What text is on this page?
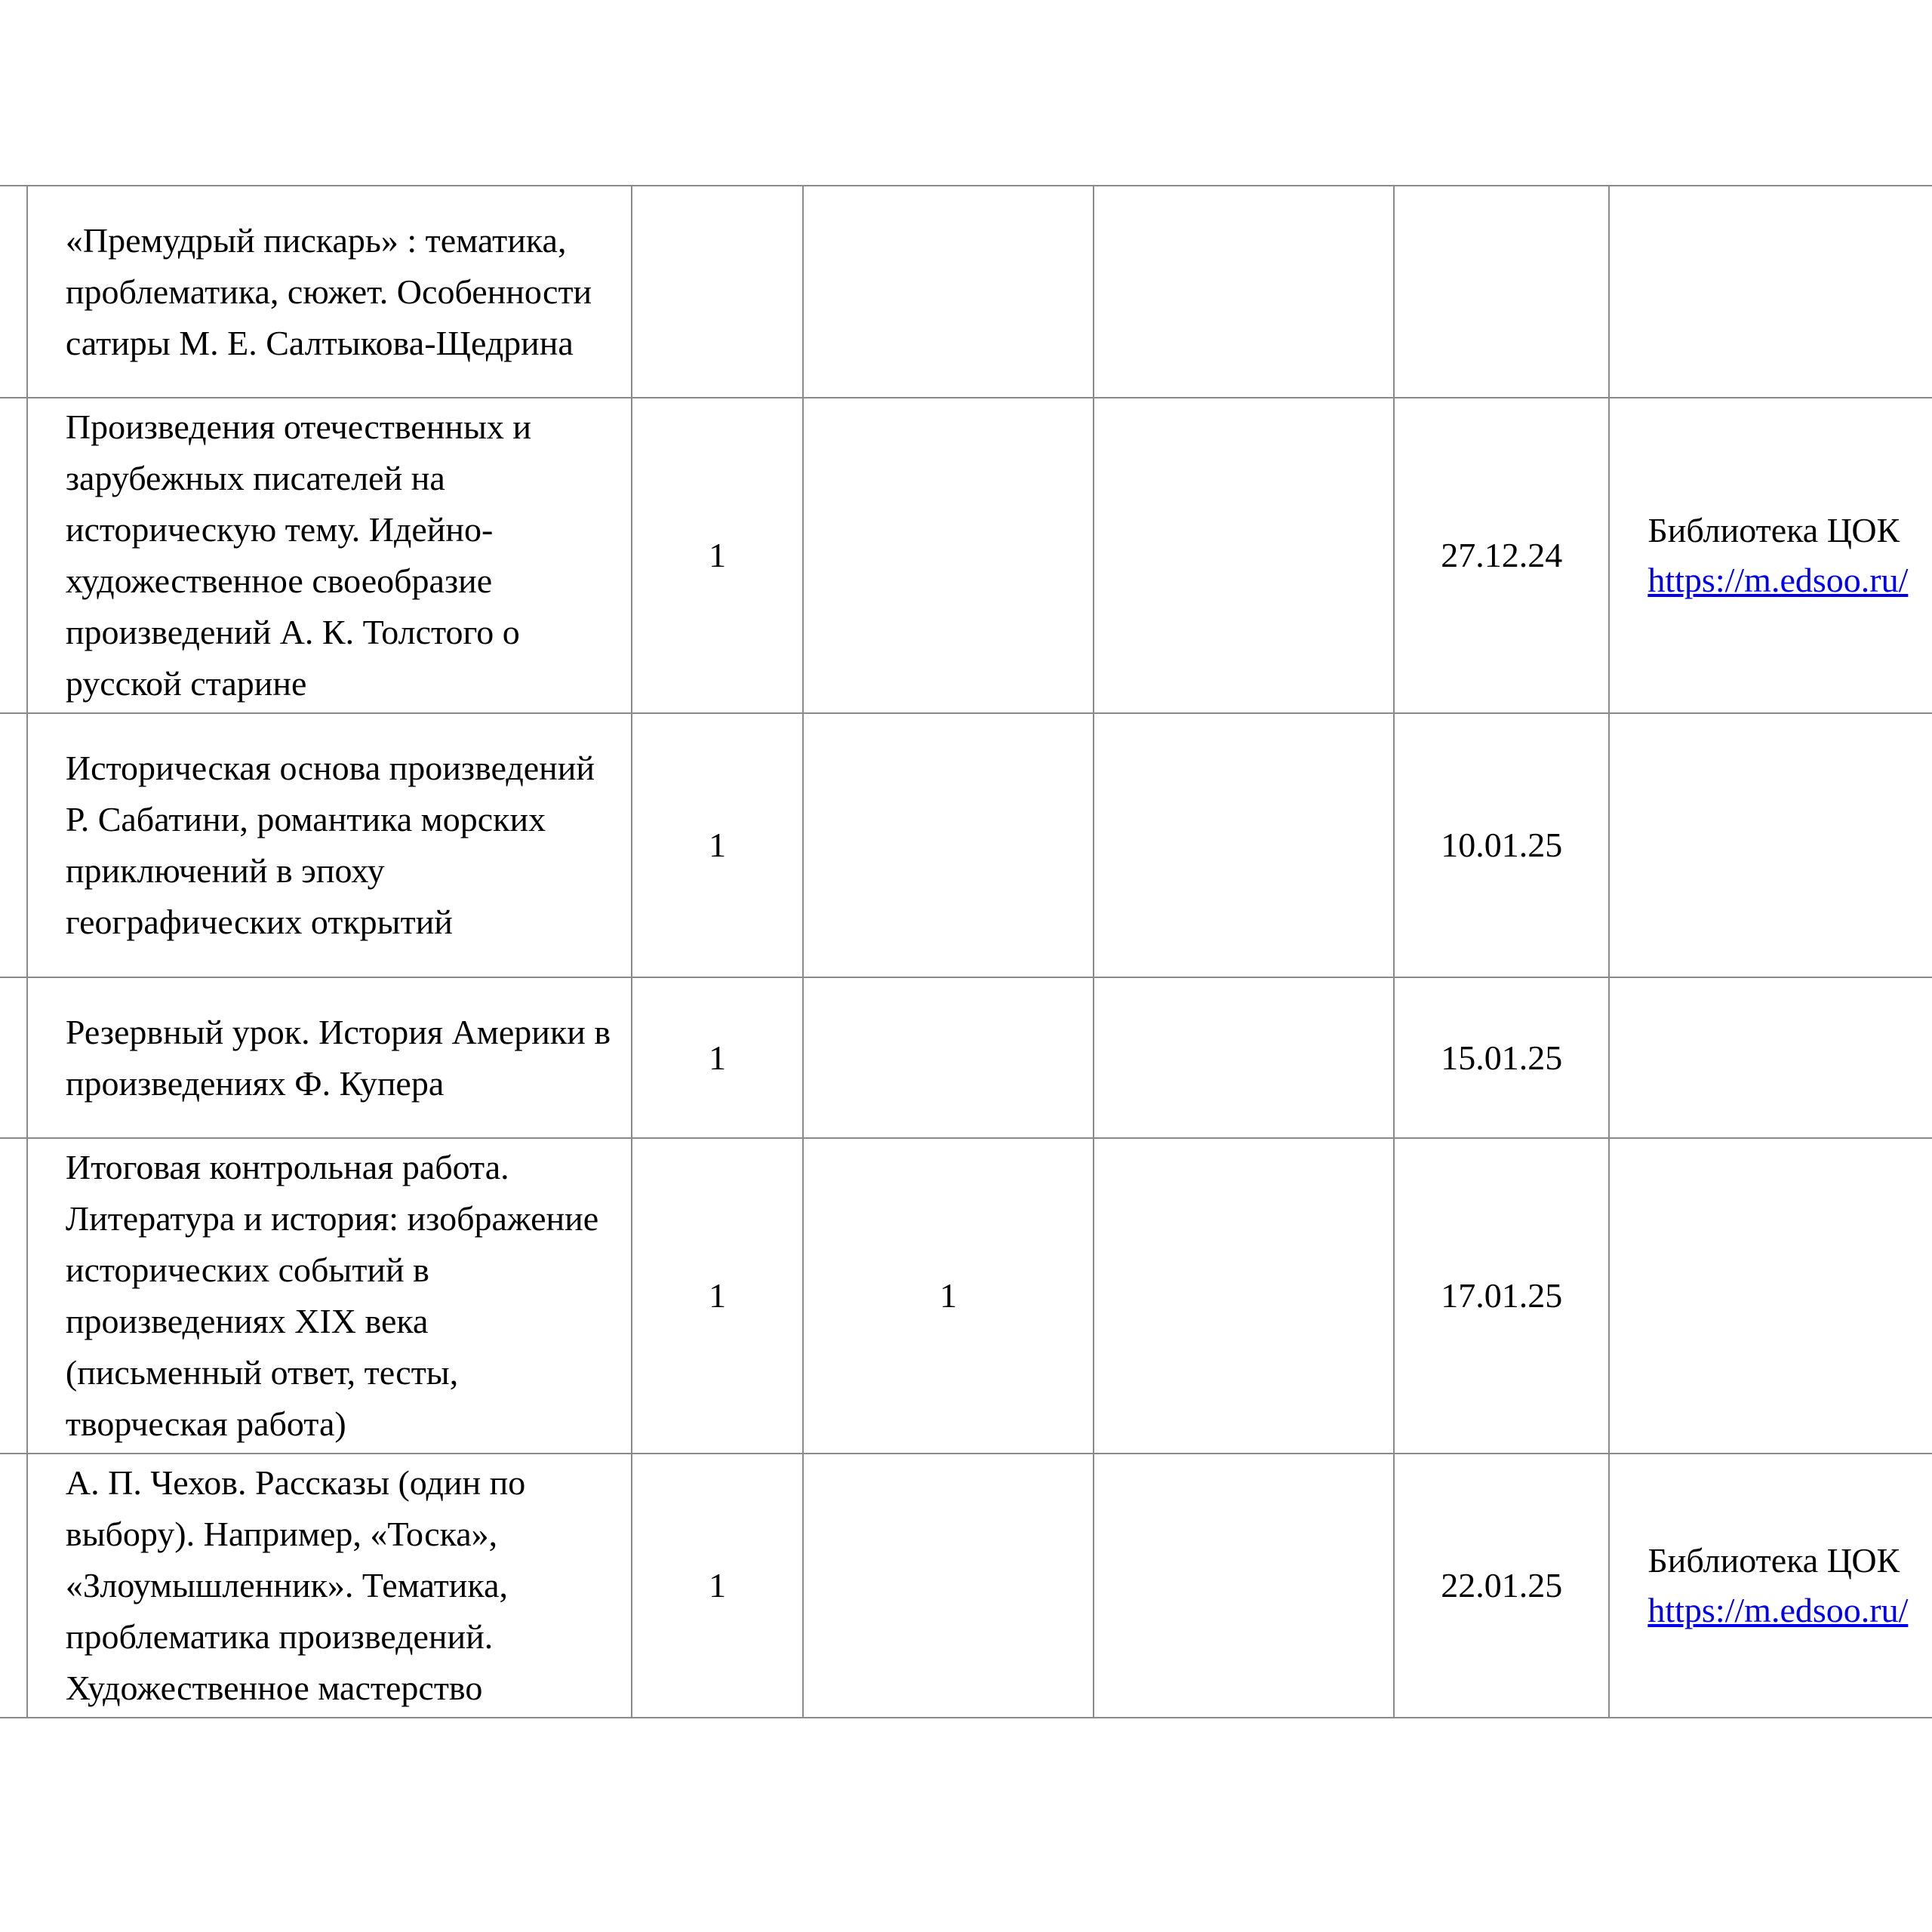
	«Премудрый пискарь» : тематика, проблематика, сюжет. Особенности сатиры М. Е. Салтыкова-Щедрина					

	Произведения отечественных и зарубежных писателей на историческую тему. Идейно-художественное своеобразие произведений А. К. Толстого о русской старине	1			27.12.24	Библиотека ЦОК
https://m.edsoo.ru/

	Историческая основа произведений Р. Сабатини, романтика морских приключений в эпоху географических открытий	1			10.01.25	

	Резервный урок. История Америки в произведениях Ф. Купера	1			15.01.25	

	Итоговая контрольная работа. Литература и история: изображение исторических событий в произведениях XIX века (письменный ответ, тесты, творческая работа)	1	1		17.01.25	

	А. П. Чехов. Рассказы (один по выбору). Например, «Тоска», «Злоумышленник». Тематика, проблематика произведений. Художественное мастерство	1			22.01.25	Библиотека ЦОК
https://m.edsoo.ru/
